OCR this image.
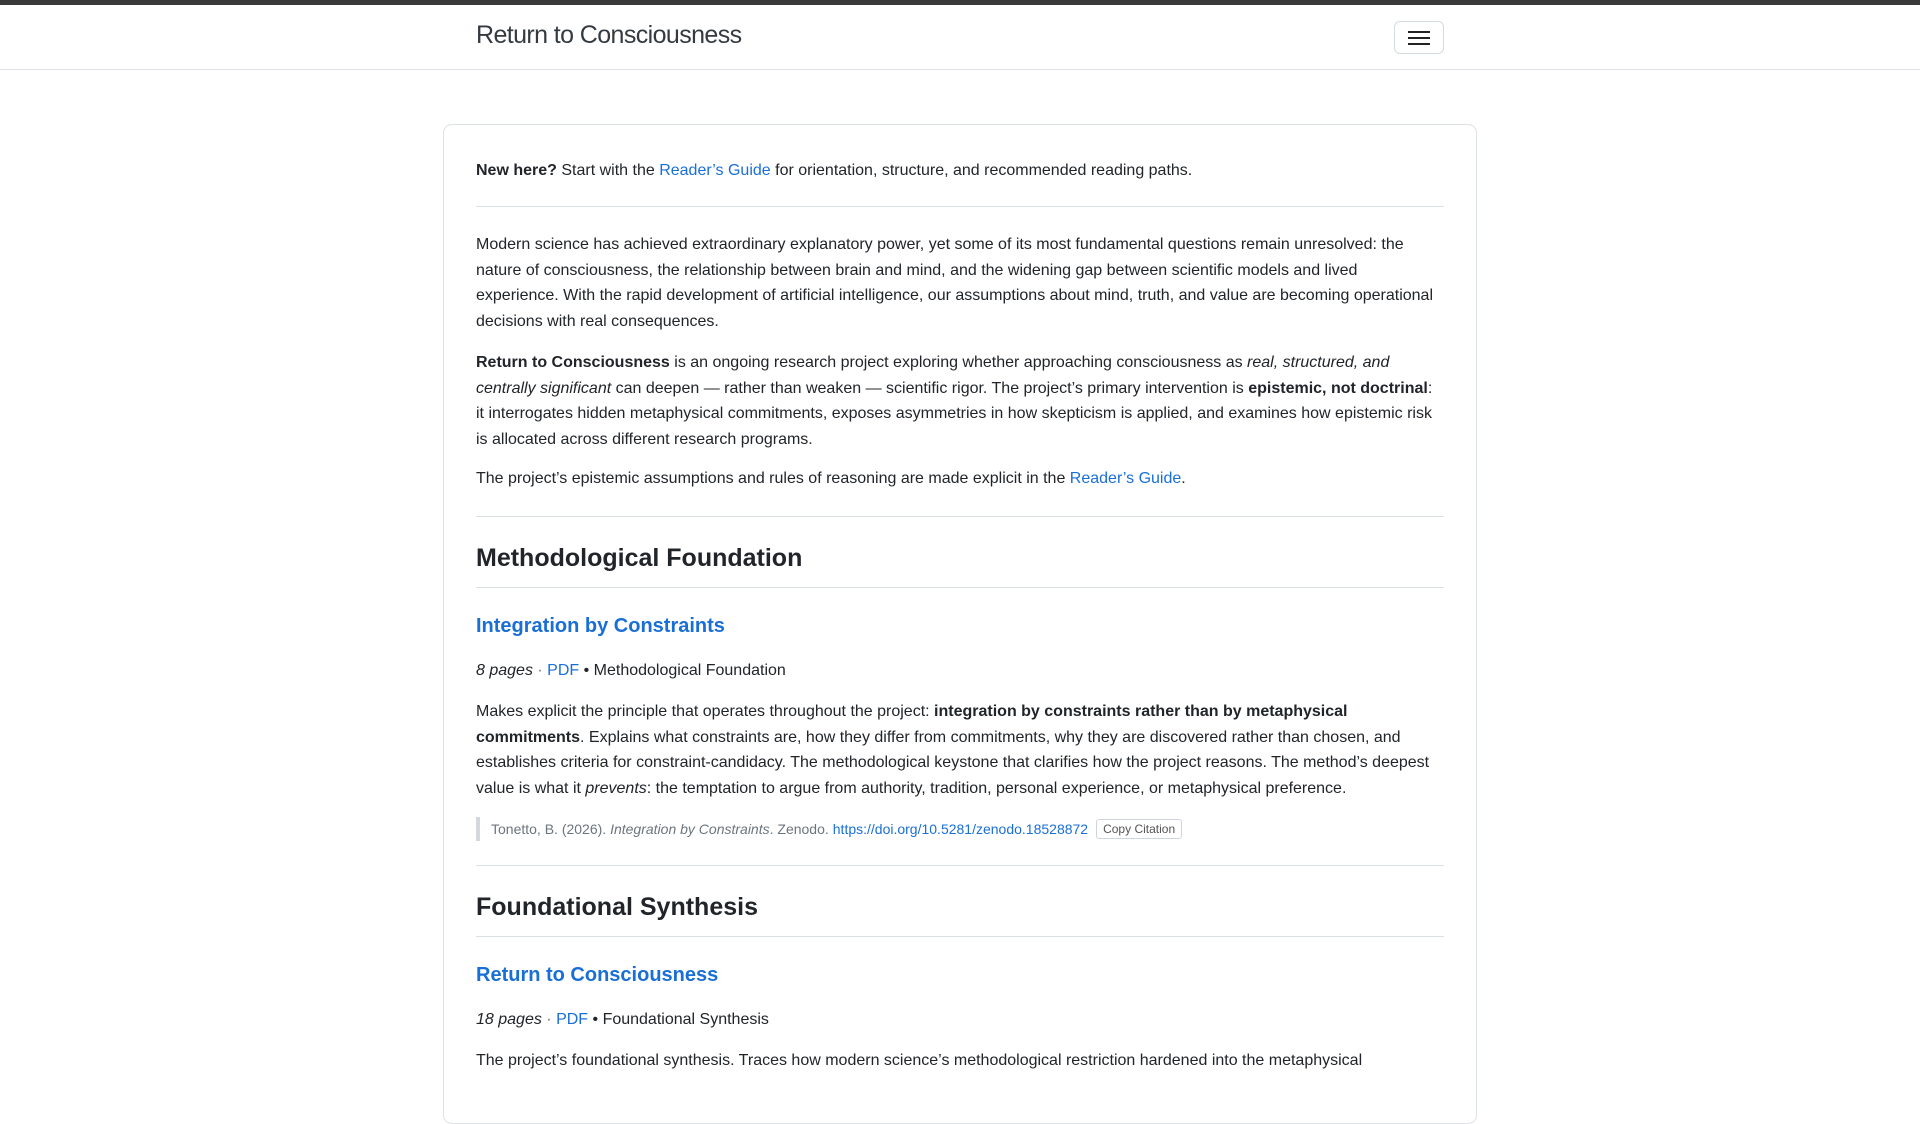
Return to Consciousness

New here? Start with the Reader’s Guide for orientation, structure, and recommended reading paths.

Modern science has achieved extraordinary explanatory power, yet some of its most fundamental questions remain unresolved: the nature of consciousness, the relationship between brain and mind, and the widening gap between scientific models and lived experience. With the rapid development of artificial intelligence, our assumptions about mind, truth, and value are becoming operational decisions with real consequences.

Return to Consciousness is an ongoing research project exploring whether approaching consciousness as real, structured, and centrally significant can deepen — rather than weaken — scientific rigor. The project’s primary intervention is epistemic, not doctrinal: it interrogates hidden metaphysical commitments, exposes asymmetries in how skepticism is applied, and examines how epistemic risk is allocated across different research programs.

The project’s epistemic assumptions and rules of reasoning are made explicit in the Reader’s Guide.

Methodological Foundation
Integration by Constraints
8 pages · PDF • Methodological Foundation

Makes explicit the principle that operates throughout the project: integration by constraints rather than by metaphysical commitments. Explains what constraints are, how they differ from commitments, why they are discovered rather than chosen, and establishes criteria for constraint-candidacy. The methodological keystone that clarifies how the project reasons. The method’s deepest value is what it prevents: the temptation to argue from authority, tradition, personal experience, or metaphysical preference.

Tonetto, B. (2026). Integration by Constraints . Zenodo. https://doi.org/10.5281/zenodo.18528872	Copy Citation
Foundational Synthesis
Return to Consciousness
18 pages · PDF • Foundational Synthesis

The project’s foundational synthesis. Traces how modern science’s methodological restriction hardened into the metaphysical
